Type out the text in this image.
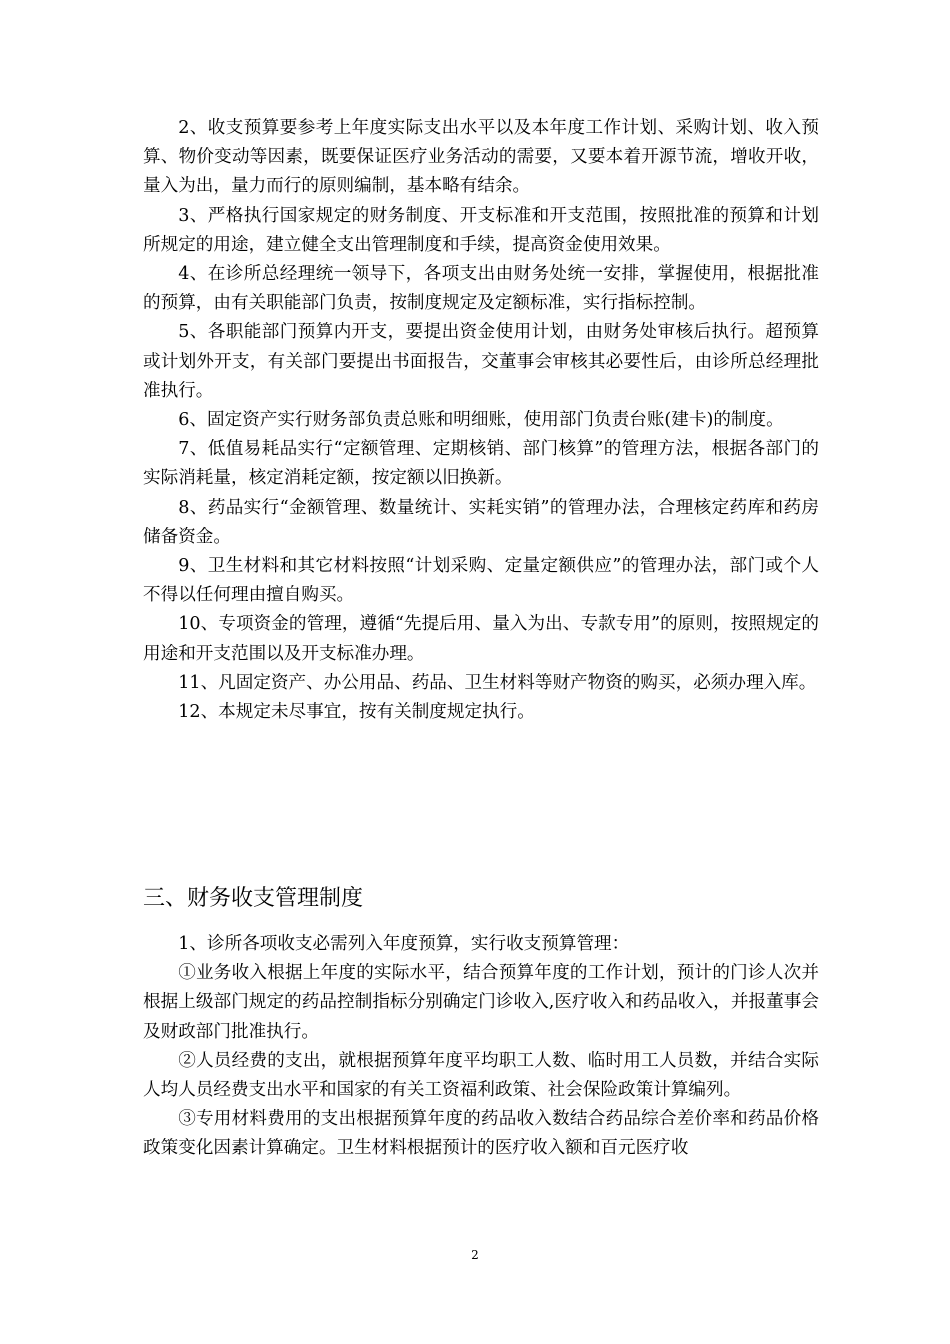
2、收支预算要参考上年度实际支出水平以及本年度工作计划、采购计划、收入预算、物价变动等因素，既要保证医疗业务活动的需要，又要本着开源节流，增收开收，量入为出，量力而行的原则编制，基本略有结余。

3、严格执行国家规定的财务制度、开支标准和开支范围，按照批准的预算和计划所规定的用途，建立健全支出管理制度和手续，提高资金使用效果。

4、在诊所总经理统一领导下，各项支出由财务处统一安排，掌握使用，根据批准的预算，由有关职能部门负责，按制度规定及定额标准，实行指标控制。

5、各职能部门预算内开支，要提出资金使用计划，由财务处审核后执行。超预算或计划外开支，有关部门要提出书面报告，交董事会审核其必要性后，由诊所总经理批准执行。

6、固定资产实行财务部负责总账和明细账，使用部门负责台账(建卡)的制度。

7、低值易耗品实行“定额管理、定期核销、部门核算”的管理方法，根据各部门的实际消耗量，核定消耗定额，按定额以旧换新。

8、药品实行“金额管理、数量统计、实耗实销”的管理办法，合理核定药库和药房储备资金。

9、卫生材料和其它材料按照“计划采购、定量定额供应”的管理办法，部门或个人不得以任何理由擅自购买。

10、专项资金的管理，遵循“先提后用、量入为出、专款专用”的原则，按照规定的用途和开支范围以及开支标准办理。

11、凡固定资产、办公用品、药品、卫生材料等财产物资的购买，必须办理入库。

12、本规定未尽事宜，按有关制度规定执行。

三、财务收支管理制度

1、诊所各项收支必需列入年度预算，实行收支预算管理：

①业务收入根据上年度的实际水平，结合预算年度的工作计划，预计的门诊人次并根据上级部门规定的药品控制指标分别确定门诊收入,医疗收入和药品收入，并报董事会及财政部门批准执行。

②人员经费的支出，就根据预算年度平均职工人数、临时用工人员数，并结合实际人均人员经费支出水平和国家的有关工资福利政策、社会保险政策计算编列。

③专用材料费用的支出根据预算年度的药品收入数结合药品综合差价率和药品价格政策变化因素计算确定。卫生材料根据预计的医疗收入额和百元医疗收

2
